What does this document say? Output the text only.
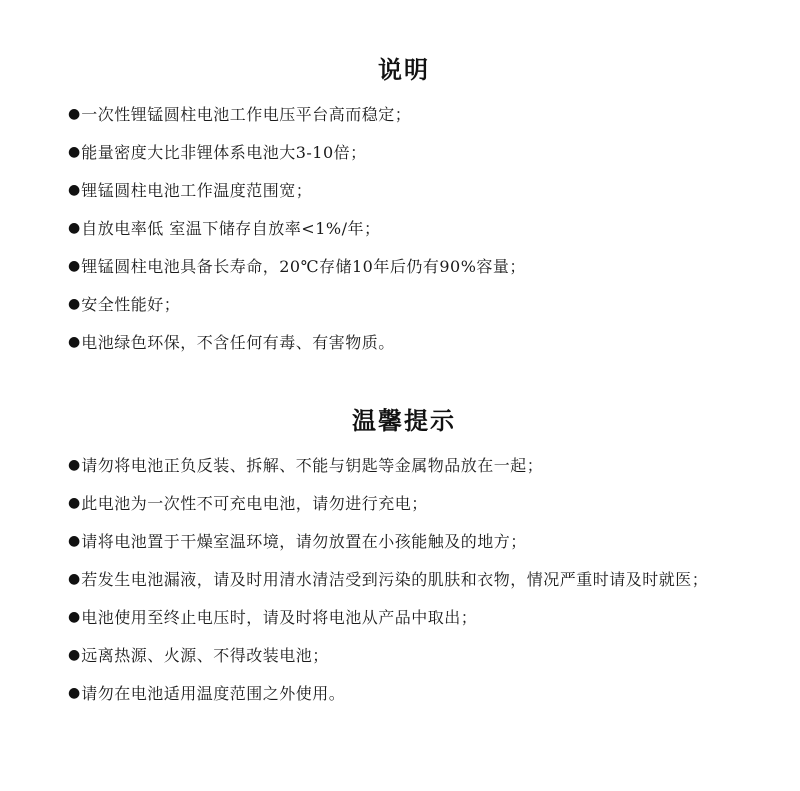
说明
● 一次性锂锰圆柱电池工作电压平台高而稳定；
● 能量密度大比非锂体系电池大3-10倍；
● 锂锰圆柱电池工作温度范围宽；
● 自放电率低 室温下储存自放率<1%/年；
● 锂锰圆柱电池具备长寿命，20℃存储10年后仍有90%容量；
● 安全性能好；
● 电池绿色环保，不含任何有毒、有害物质。
温馨提示
● 请勿将电池正负反装、拆解、不能与钥匙等金属物品放在一起；
● 此电池为一次性不可充电电池，请勿进行充电；
● 请将电池置于干燥室温环境，请勿放置在小孩能触及的地方；
● 若发生电池漏液，请及时用清水清洁受到污染的肌肤和衣物，情况严重时请及时就医；
● 电池使用至终止电压时，请及时将电池从产品中取出；
● 远离热源、火源、不得改装电池；
● 请勿在电池适用温度范围之外使用。
